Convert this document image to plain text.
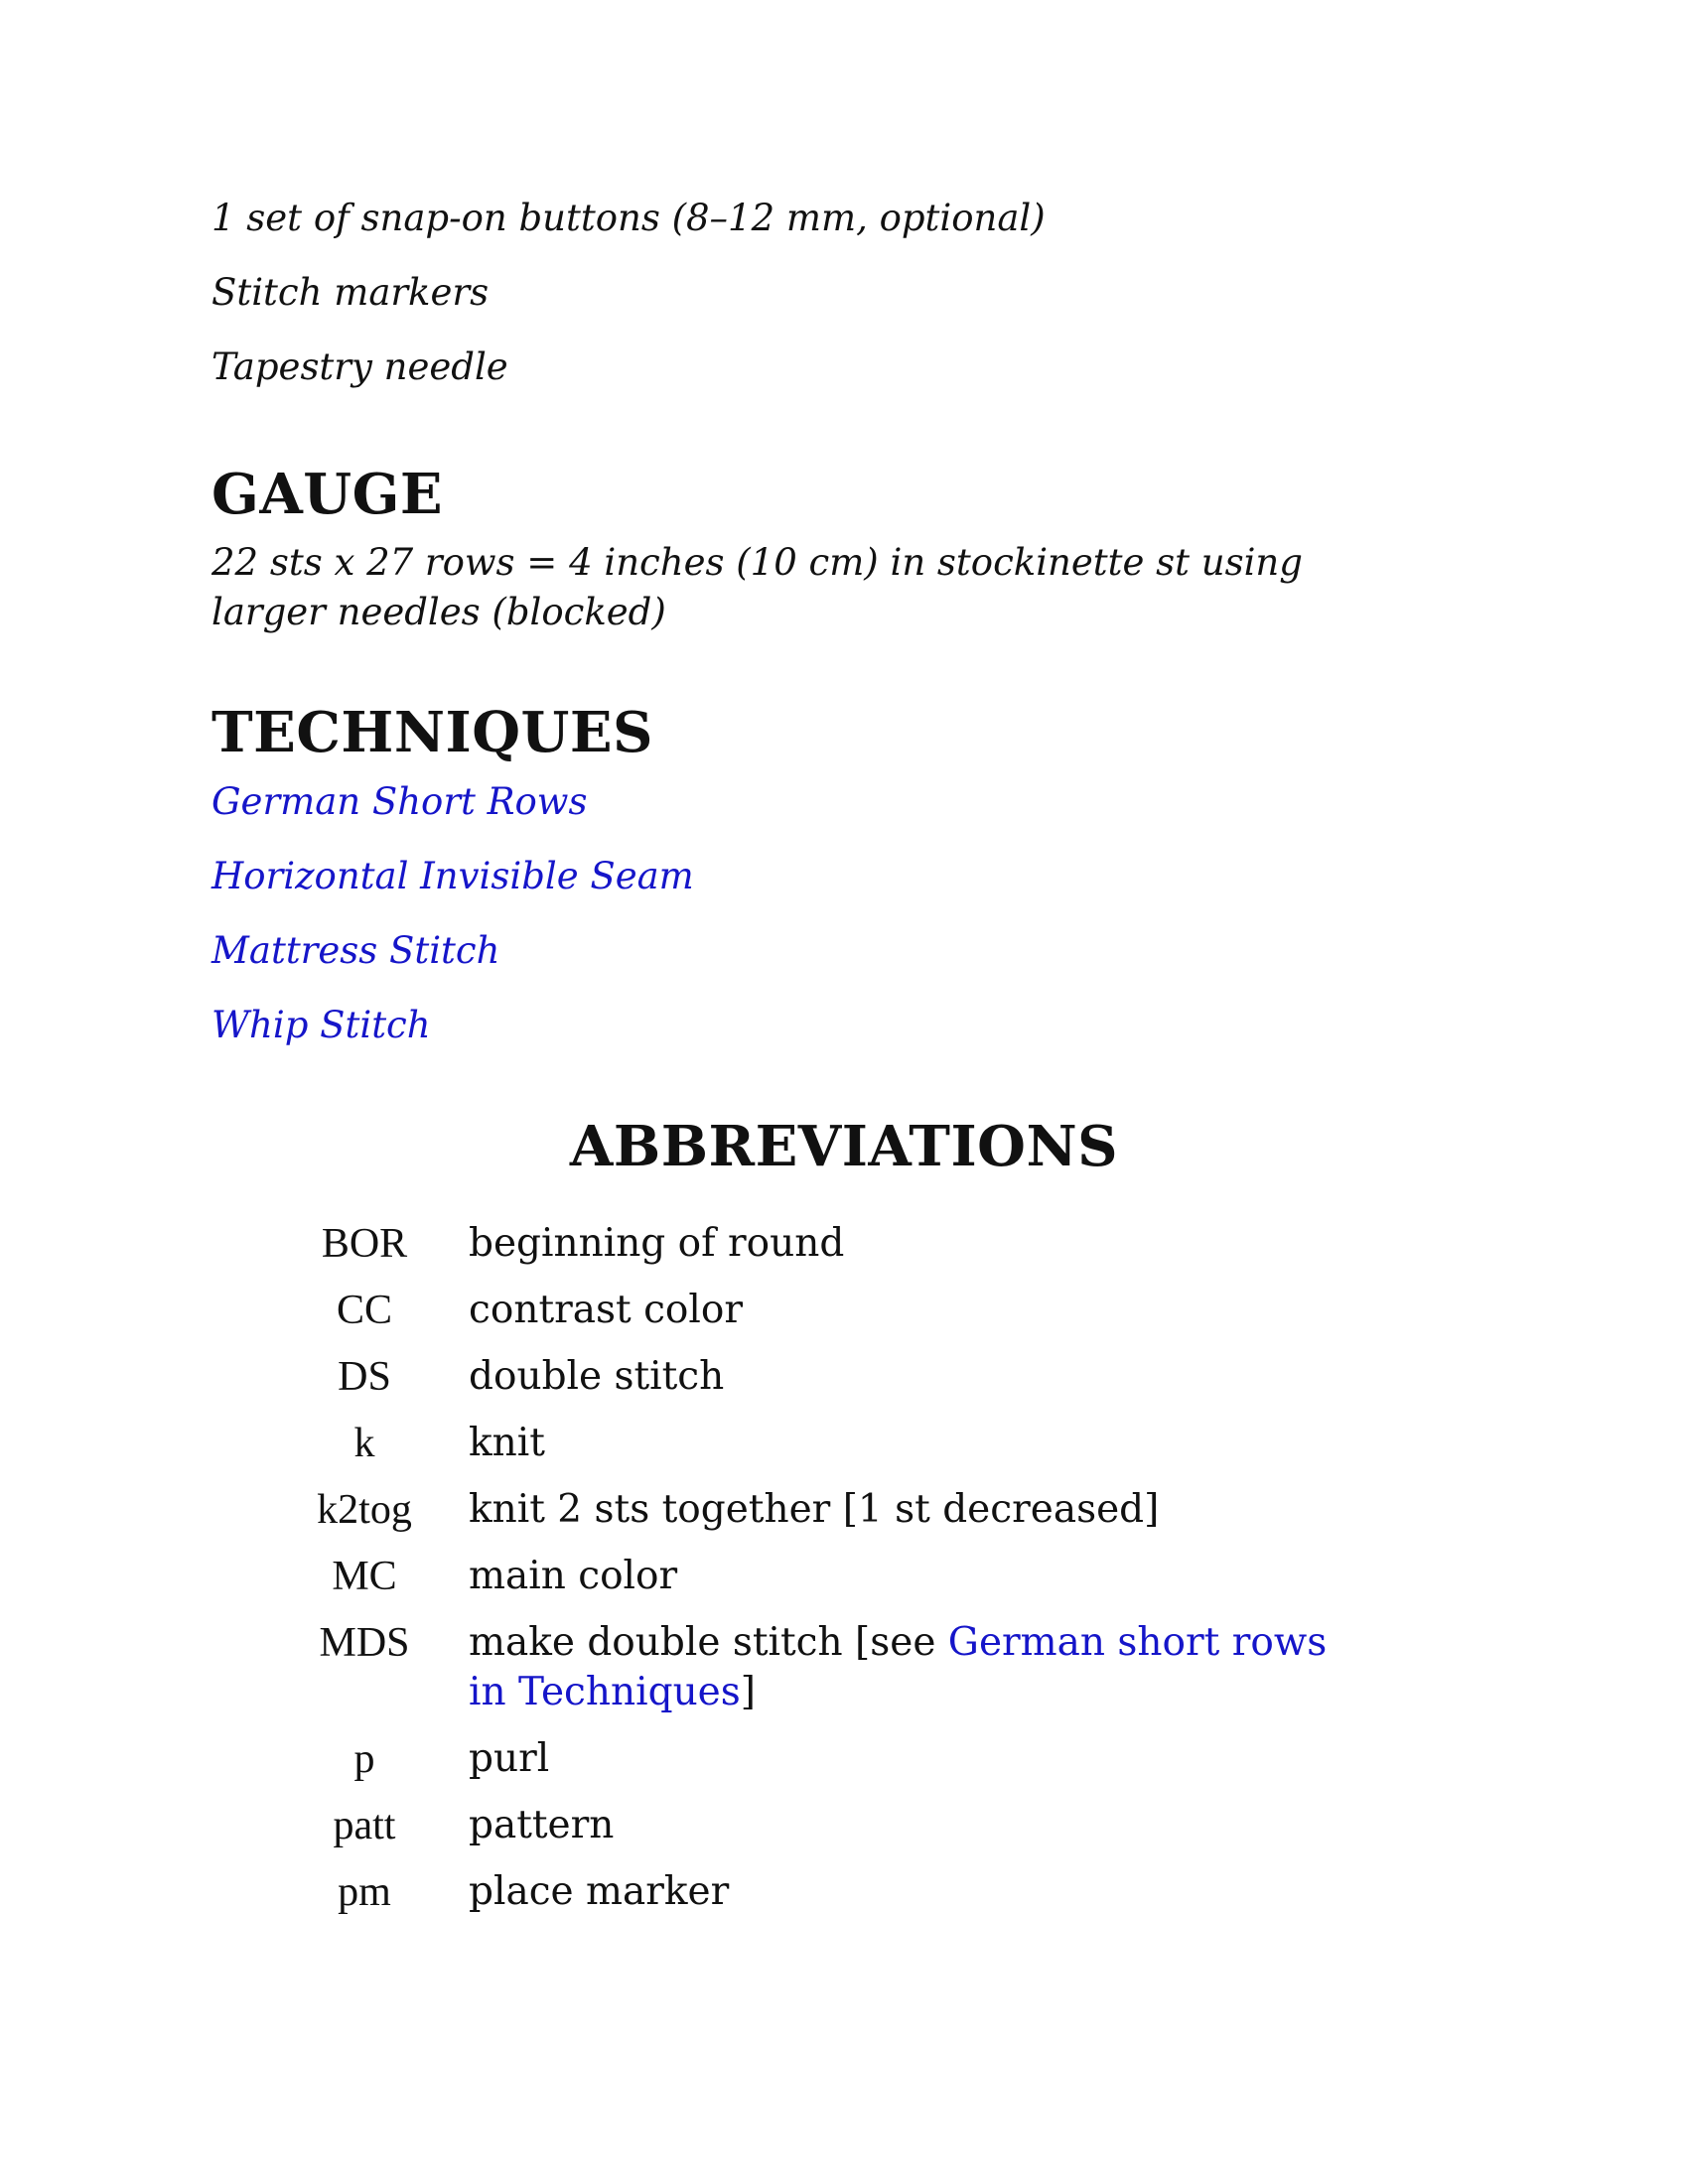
1 set of snap-on buttons (8–12 mm, optional)

Stitch markers

Tapestry needle

GAUGE

22 sts x 27 rows = 4 inches (10 cm) in stockinette st using larger needles (blocked)

TECHNIQUES
German Short Rows
Horizontal Invisible Seam
Mattress Stitch
Whip Stitch
ABBREVIATIONS
BOR	beginning of round
CC	contrast color
DS	double stitch
k	knit
k2tog	knit 2 sts together [1 st decreased]
MC	main color
MDS	make double stitch [see German short rows in Techniques]
p	purl
patt	pattern
pm	place marker
